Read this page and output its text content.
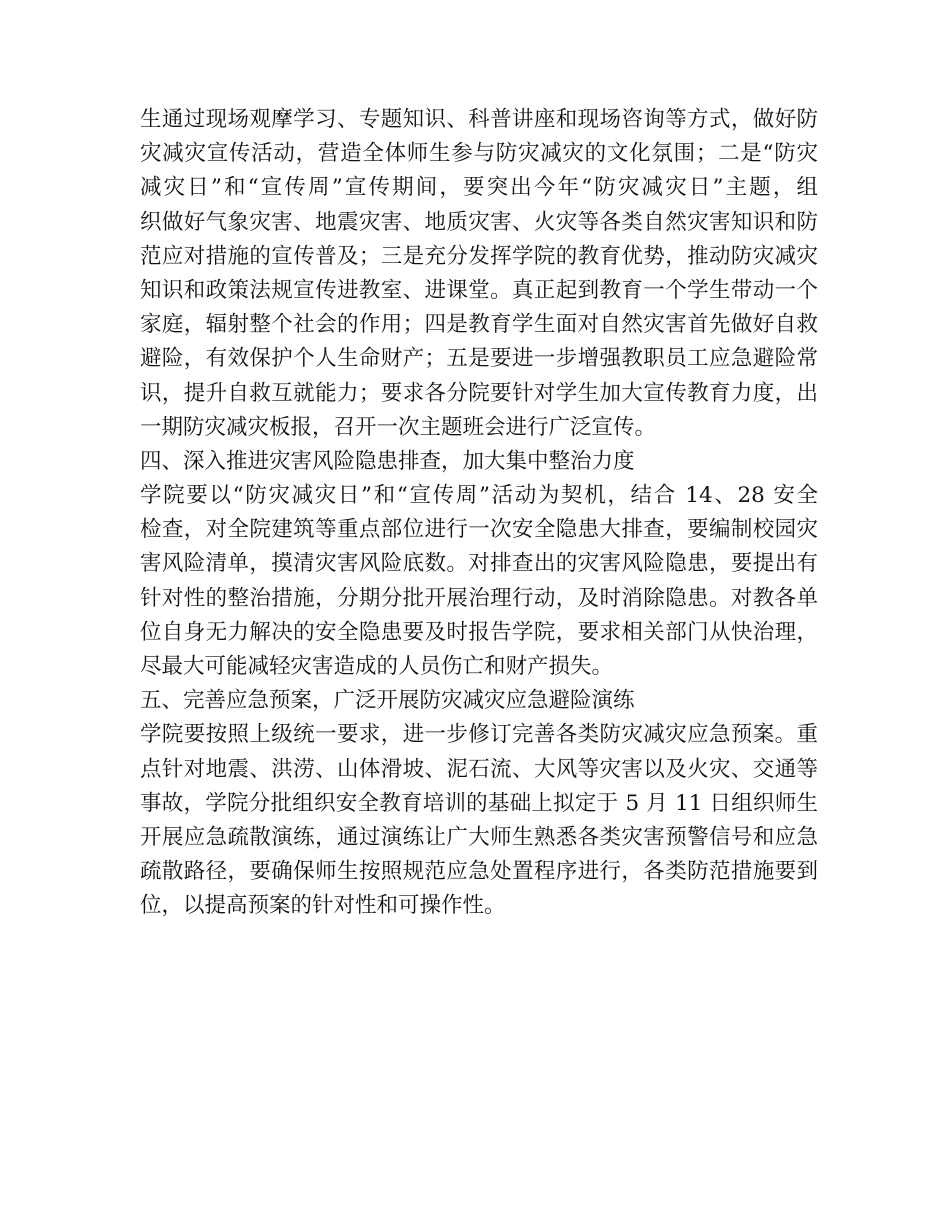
生通过现场观摩学习、专题知识、科普讲座和现场咨询等方式，做好防
灾减灾宣传活动，营造全体师生参与防灾减灾的文化氛围；二是“防灾
减灾日”和“宣传周”宣传期间，要突出今年“防灾减灾日”主题，组
织做好气象灾害、地震灾害、地质灾害、火灾等各类自然灾害知识和防
范应对措施的宣传普及；三是充分发挥学院的教育优势，推动防灾减灾
知识和政策法规宣传进教室、进课堂。真正起到教育一个学生带动一个
家庭，辐射整个社会的作用；四是教育学生面对自然灾害首先做好自救
避险，有效保护个人生命财产；五是要进一步增强教职员工应急避险常
识，提升自救互就能力；要求各分院要针对学生加大宣传教育力度，出
一期防灾减灾板报，召开一次主题班会进行广泛宣传。
四、深入推进灾害风险隐患排查，加大集中整治力度
学院要以“防灾减灾日”和“宣传周”活动为契机，结合 14、28 安全
检查，对全院建筑等重点部位进行一次安全隐患大排查，要编制校园灾
害风险清单，摸清灾害风险底数。对排查出的灾害风险隐患，要提出有
针对性的整治措施，分期分批开展治理行动，及时消除隐患。对教各单
位自身无力解决的安全隐患要及时报告学院，要求相关部门从快治理，
尽最大可能减轻灾害造成的人员伤亡和财产损失。
五、完善应急预案，广泛开展防灾减灾应急避险演练
学院要按照上级统一要求，进一步修订完善各类防灾减灾应急预案。重
点针对地震、洪涝、山体滑坡、泥石流、大风等灾害以及火灾、交通等
事故，学院分批组织安全教育培训的基础上拟定于 5 月 11 日组织师生
开展应急疏散演练，通过演练让广大师生熟悉各类灾害预警信号和应急
疏散路径，要确保师生按照规范应急处置程序进行，各类防范措施要到
位，以提高预案的针对性和可操作性。
